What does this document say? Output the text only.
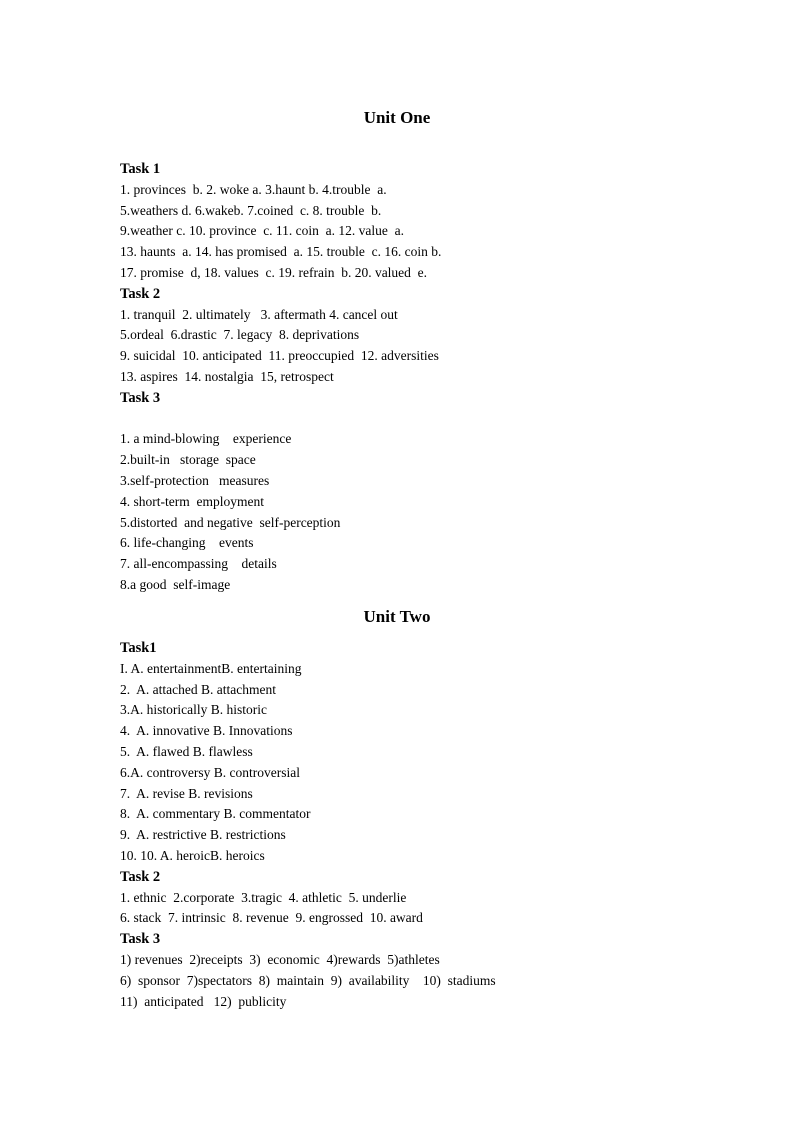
Unit One
Task 1
1. provinces  b. 2. woke a. 3.haunt b. 4.trouble  a.
5.weathers d. 6.wakeb. 7.coined  c. 8. trouble  b.
9.weather c. 10. province  c. 11. coin  a. 12. value  a.
13. haunts  a. 14. has promised  a. 15. trouble  c. 16. coin b.
17. promise  d, 18. values  c. 19. refrain  b. 20. valued  e.
Task 2
1. tranquil  2. ultimately   3. aftermath 4. cancel out
5.ordeal  6.drastic  7. legacy  8. deprivations
9. suicidal  10. anticipated  11. preoccupied  12. adversities
13. aspires  14. nostalgia  15, retrospect
Task 3
1. a mind-blowing    experience
2.built-in   storage  space
3.self-protection   measures
4. short-term  employment
5.distorted  and negative  self-perception
6. life-changing    events
7. all-encompassing    details
8.a good  self-image
Unit Two
Task1
I. A. entertainmentB. entertaining
2.  A. attached B. attachment
3.A. historically B. historic
4.  A. innovative B. Innovations
5.  A. flawed B. flawless
6.A. controversy B. controversial
7.  A. revise B. revisions
8.  A. commentary B. commentator
9.  A. restrictive B. restrictions
10. 10. A. heroicB. heroics
Task 2
1. ethnic  2.corporate  3.tragic  4. athletic  5. underlie
6. stack  7. intrinsic  8. revenue  9. engrossed  10. award
Task 3
1) revenues  2)receipts  3)  economic  4)rewards  5)athletes
6)  sponsor  7)spectators  8)  maintain  9)  availability    10)  stadiums
11)  anticipated   12)  publicity
